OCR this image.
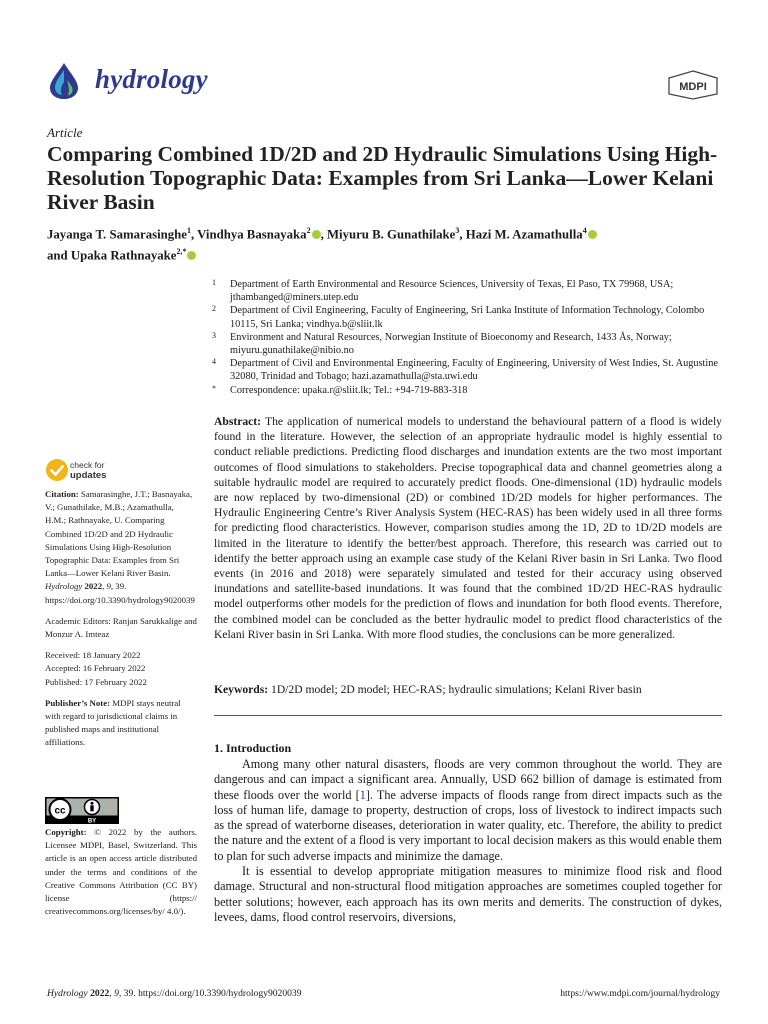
hydrology	MDPI
Article
Comparing Combined 1D/2D and 2D Hydraulic Simulations Using High-Resolution Topographic Data: Examples from Sri Lanka—Lower Kelani River Basin
Jayanga T. Samarasinghe$^1$, Vindhya Basnayaka$^2$ , Miyuru B. Gunathilake$^3$, Hazi M. Azamathulla$^4$
and Upaka Rathnayake$^{2,*}$
1 Department of Earth Environmental and Resource Sciences, University of Texas, El Paso, TX 79968, USA; jthambanged@miners.utep.edu
2 Department of Civil Engineering, Faculty of Engineering, Sri Lanka Institute of Information Technology, Colombo 10115, Sri Lanka; vindhya.b@sliit.lk
3 Environment and Natural Resources, Norwegian Institute of Bioeconomy and Research, 1433 Ås, Norway; miyuru.gunathilake@nibio.no
4 Department of Civil and Environmental Engineering, Faculty of Engineering, University of West Indies, St. Augustine 32080, Trinidad and Tobago; hazi.azamathulla@sta.uwi.edu
* Correspondence: upaka.r@sliit.lk; Tel.: +94-719-883-318
Abstract: The application of numerical models to understand the behavioural pattern of a flood is widely found in the literature. However, the selection of an appropriate hydraulic model is highly essential to conduct reliable predictions. Predicting flood discharges and inundation extents are the two most important outcomes of flood simulations to stakeholders. Precise topographical data and channel geometries along a suitable hydraulic model are required to accurately predict floods. One-dimensional (1D) hydraulic models are now replaced by two-dimensional (2D) or combined 1D/2D models for higher performances. The Hydraulic Engineering Centre’s River Analysis System (HEC-RAS) has been widely used in all three forms for predicting flood characteristics. However, comparison studies among the 1D, 2D to 1D/2D models are limited in the literature to identify the better/best approach. Therefore, this research was carried out to identify the better approach using an example case study of the Kelani River basin in Sri Lanka. Two flood events (in 2016 and 2018) were separately simulated and tested for their accuracy using observed inundations and satellite-based inundations. It was found that the combined 1D/2D HEC-RAS hydraulic model outperforms other models for the prediction of flows and inundation for both flood events. Therefore, the combined model can be concluded as the better hydraulic model to predict flood characteristics of the Kelani River basin in Sri Lanka. With more flood studies, the conclusions can be more generalized.
Keywords: 1D/2D model; 2D model; HEC-RAS; hydraulic simulations; Kelani River basin
check for
updates

Citation: Samarasinghe, J.T.; Basnayaka, V.; Gunathilake, M.B.; Azamathulla, H.M.; Rathnayake, U. Comparing Combined 1D/2D and 2D Hydraulic Simulations Using High-Resolution Topographic Data: Examples from Sri Lanka—Lower Kelani River Basin. Hydrology 2022, 9, 39. https://doi.org/10.3390/hydrology9020039

Academic Editors: Ranjan Sarukkalige and Monzur A. Imteaz

Received: 18 January 2022

Accepted: 16 February 2022

Published: 17 February 2022

Publisher’s Note: MDPI stays neutral with regard to jurisdictional claims in published maps and institutional affiliations.

cc
BY
Copyright: © 2022 by the authors. Licensee MDPI, Basel, Switzerland. This article is an open access article distributed under the terms and conditions of the Creative Commons Attribution (CC BY) license (https:// creativecommons.org/licenses/by/ 4.0/).
1. Introduction

Among many other natural disasters, floods are very common throughout the world. They are dangerous and can impact a significant area. Annually, USD 662 billion of damage is estimated from these floods over the world [1]. The adverse impacts of floods range from direct impacts such as the loss of human life, damage to property, destruction of crops, loss of livestock to indirect impacts such as the spread of waterborne diseases, deterioration in water quality, etc. Therefore, the ability to predict the nature and the extent of a flood is very important to local decision makers as this would enable them to plan for such adverse impacts and minimize the damage.

It is essential to develop appropriate mitigation measures to minimize flood risk and flood damage. Structural and non-structural flood mitigation approaches are sometimes coupled together for better solutions; however, each approach has its own merits and demerits. The construction of dykes, levees, dams, flood control reservoirs, diversions,

Hydrology 2022, 9, 39. https://doi.org/10.3390/hydrology9020039	https://www.mdpi.com/journal/hydrology
